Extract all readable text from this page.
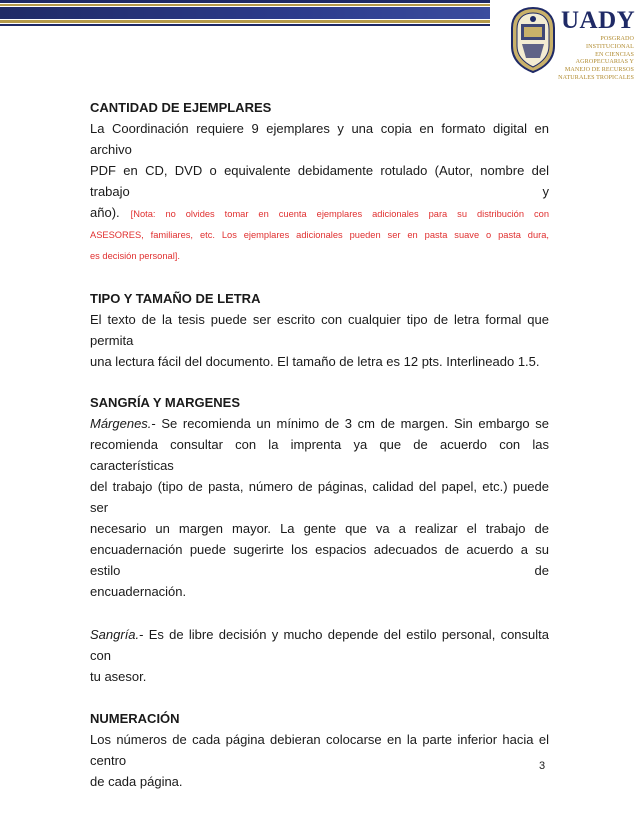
UADY
POSGRADO
INSTITUCIONAL
EN CIENCIAS
AGROPECUARIAS Y
MANEJO DE RECURSOS
NATURALES TROPICALES
CANTIDAD DE EJEMPLARES
La Coordinación requiere 9 ejemplares y una copia en formato digital en archivo
PDF en CD, DVD o equivalente debidamente rotulado (Autor, nombre del trabajo y
año). [Nota: no olvides tomar en cuenta ejemplares adicionales para su distribución con
ASESORES, familiares, etc. Los ejemplares adicionales pueden ser en pasta suave o pasta dura,
es decisión personal].
TIPO Y TAMAÑO DE LETRA
El texto de la tesis puede ser escrito con cualquier tipo de letra formal que permita
una lectura fácil del documento. El tamaño de letra es 12 pts. Interlineado 1.5.
SANGRÍA Y MARGENES
Márgenes.- Se recomienda un mínimo de 3 cm de margen. Sin embargo se
recomienda consultar con la imprenta ya que de acuerdo con las características
del trabajo (tipo de pasta, número de páginas, calidad del papel, etc.) puede ser
necesario un margen mayor. La gente que va a realizar el trabajo de
encuadernación puede sugerirte los espacios adecuados de acuerdo a su estilo de
encuadernación.
Sangría.- Es de libre decisión y mucho depende del estilo personal, consulta con
tu asesor.
NUMERACIÓN
Los números de cada página debieran colocarse en la parte inferior hacia el centro
de cada página.
3
